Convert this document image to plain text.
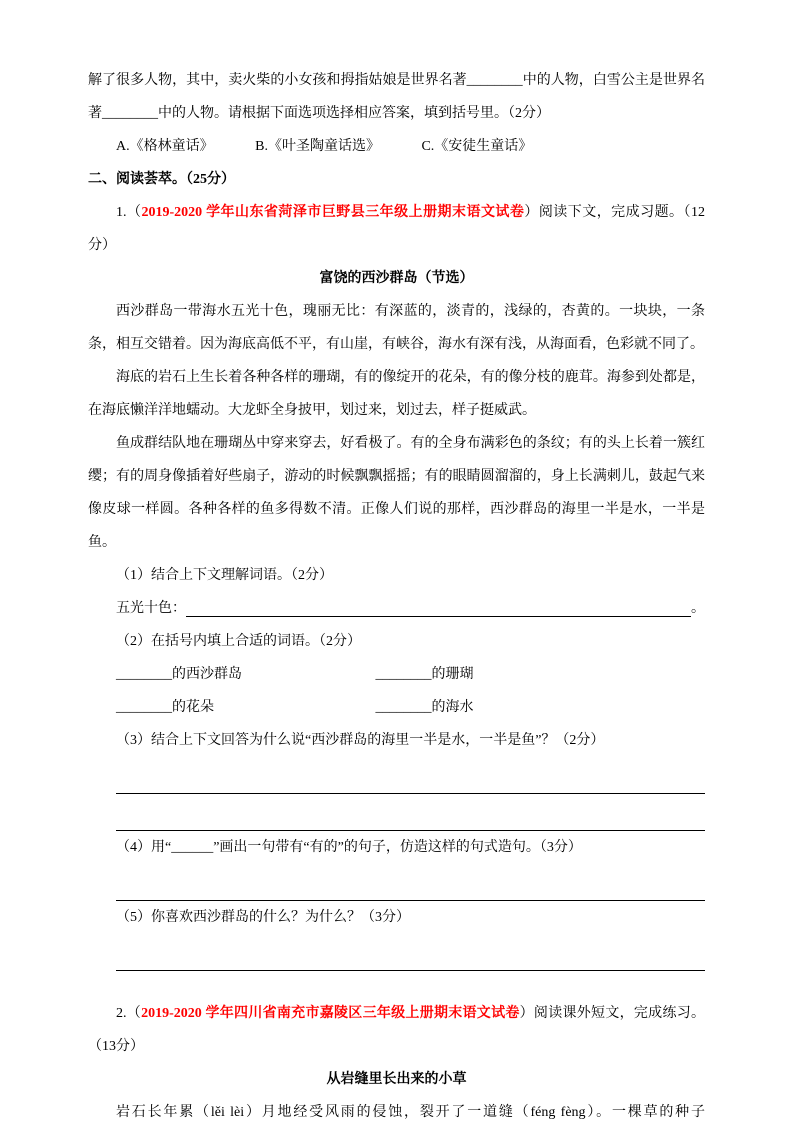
解了很多人物，其中，卖火柴的小女孩和拇指姑娘是世界名著________中的人物，白雪公主是世界名著________中的人物。请根据下面选项选择相应答案，填到括号里。（2分）

A.《格林童话》	B.《叶圣陶童话选》	C.《安徒生童话》

二、阅读荟萃。（25分）

1.（2019-2020 学年山东省菏泽市巨野县三年级上册期末语文试卷）阅读下文，完成习题。（12分）

富饶的西沙群岛（节选）

西沙群岛一带海水五光十色，瑰丽无比：有深蓝的，淡青的，浅绿的，杏黄的。一块块，一条条，相互交错着。因为海底高低不平，有山崖，有峡谷，海水有深有浅，从海面看，色彩就不同了。

海底的岩石上生长着各种各样的珊瑚，有的像绽开的花朵，有的像分枝的鹿茸。海参到处都是，在海底懒洋洋地蠕动。大龙虾全身披甲，划过来，划过去，样子挺威武。

鱼成群结队地在珊瑚丛中穿来穿去，好看极了。有的全身布满彩色的条纹；有的头上长着一簇红缨；有的周身像插着好些扇子，游动的时候飘飘摇摇；有的眼睛圆溜溜的，身上长满刺儿，鼓起气来像皮球一样圆。各种各样的鱼多得数不清。正像人们说的那样，西沙群岛的海里一半是水，一半是鱼。

（1）结合上下文理解词语。（2分）

五光十色：	。

（2）在括号内填上合适的词语。（2分）

________的西沙群岛	________的珊瑚
________的花朵	________的海水

（3）结合上下文回答为什么说“西沙群岛的海里一半是水，一半是鱼”？（2分）

（4）用“______”画出一句带有“有的”的句子，仿造这样的句式造句。（3分）

（5）你喜欢西沙群岛的什么？为什么？（3分）

2.（2019-2020 学年四川省南充市嘉陵区三年级上册期末语文试卷）阅读课外短文，完成练习。（13分）

从岩缝里长出来的小草

岩石长年累（lěi lèi）月地经受风雨的侵蚀，裂开了一道缝（féng fèng）。一棵草的种子
